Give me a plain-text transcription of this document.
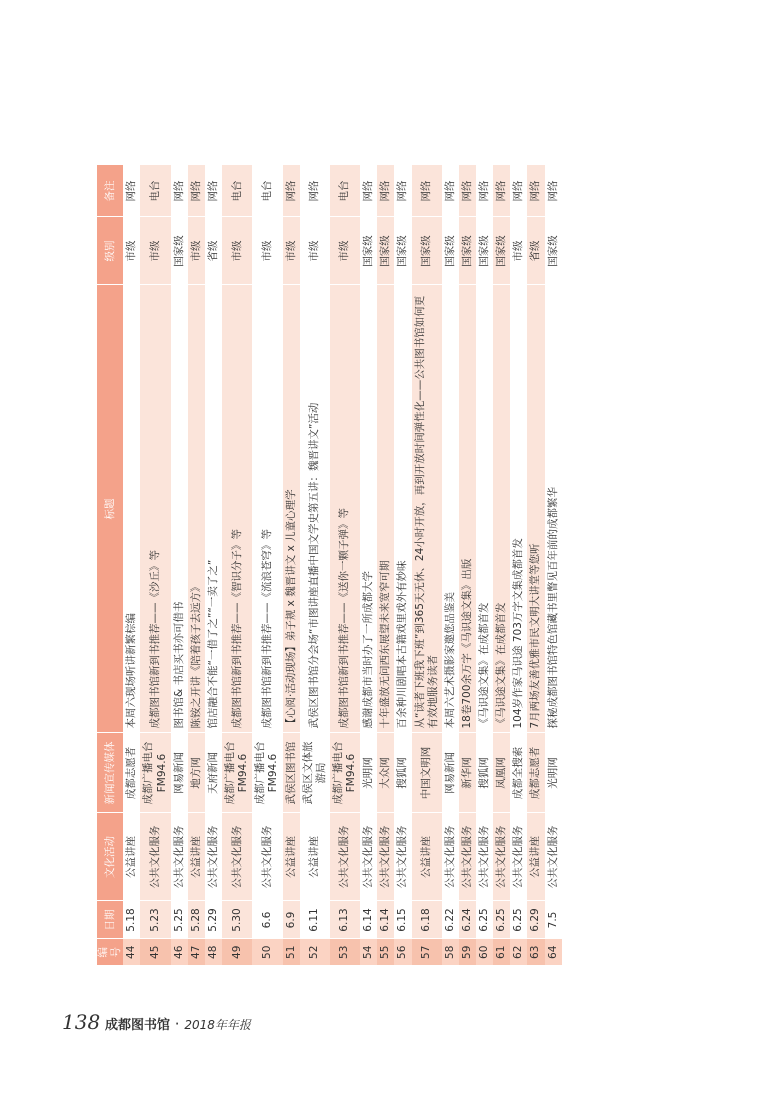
编号	日期	文化活动	新闻宣传媒体	标题	级别	备注
44	5.18	公益讲座	成都志愿者	本周六现场听讲新繁棕编	市级	网络
45	5.23	公共文化服务	成都广播电台FM94.6	成都图书馆新到书推荐——《沙丘》等	市级	电台
46	5.25	公共文化服务	网易新闻	图书馆& 书店买书亦可借书	国家级	网络
47	5.28	公益讲座	地方网	陈铵之开讲《陪着孩子去远方》	市级	网络
48	5.29	公共文化服务	天府新闻	馆店融合不能“一借了之”“一卖了之”	省级	网络
49	5.30	公共文化服务	成都广播电台FM94.6	成都图书馆新到书推荐——《智识分子》等	市级	电台
50	6.6	公共文化服务	成都广播电台FM94.6	成都图书馆新到书推荐——《流浪苍穹》等	市级	电台
51	6.9	公益讲座	武侯区图书馆	【心阅·活动现场】弟子规 x 魏晋讲文 x 儿童心理学	市级	网络
52	6.11	公益讲座	武侯区文体旅游局	武侯区图书馆分会场“市图讲座直播中国文学史第五讲：魏晋讲文”活动	市级	网络
53	6.13	公共文化服务	成都广播电台FM94.6	成都图书馆新到书推荐——《送你一颗子弹》等	市级	电台
54	6.14	公共文化服务	光明网	感谢成都市当时办了一所成都大学	国家级	网络
55	6.14	公共文化服务	大众网	十年盛放无问西东展望未来宽窄可期	国家级	网络
56	6.15	公共文化服务	搜狐网	百余种川剧唱本古籍戏里戏外有妙味	国家级	网络
57	6.18	公益讲座	中国文明网	从“读者下班我下班”到365天无休、24小时开放，再到开放时间弹性化——公共图书馆如何更有效地服务读者	国家级	网络
58	6.22	公共文化服务	网易新闻	本周六艺术摄影家邀您品鉴美	国家级	网络
59	6.24	公共文化服务	新华网	18卷700余万字《马识途文集》出版	国家级	网络
60	6.25	公共文化服务	搜狐网	《马识途文集》在成都首发	国家级	网络
61	6.25	公共文化服务	凤凰网	《马识途文集》在成都首发	国家级	网络
62	6.25	公共文化服务	成都全搜索	104岁作家马识途 703万字文集成都首发	市级	网络
63	6.29	公益讲座	成都志愿者	7月两场友善优雅市民文明大讲堂等您听	省级	网络
64	7.5	公共文化服务	光明网	探秘成都图书馆特色馆藏书里瞥见百年前的成都繁华	国家级	网络
138 成都图书馆 · 2018年年报
